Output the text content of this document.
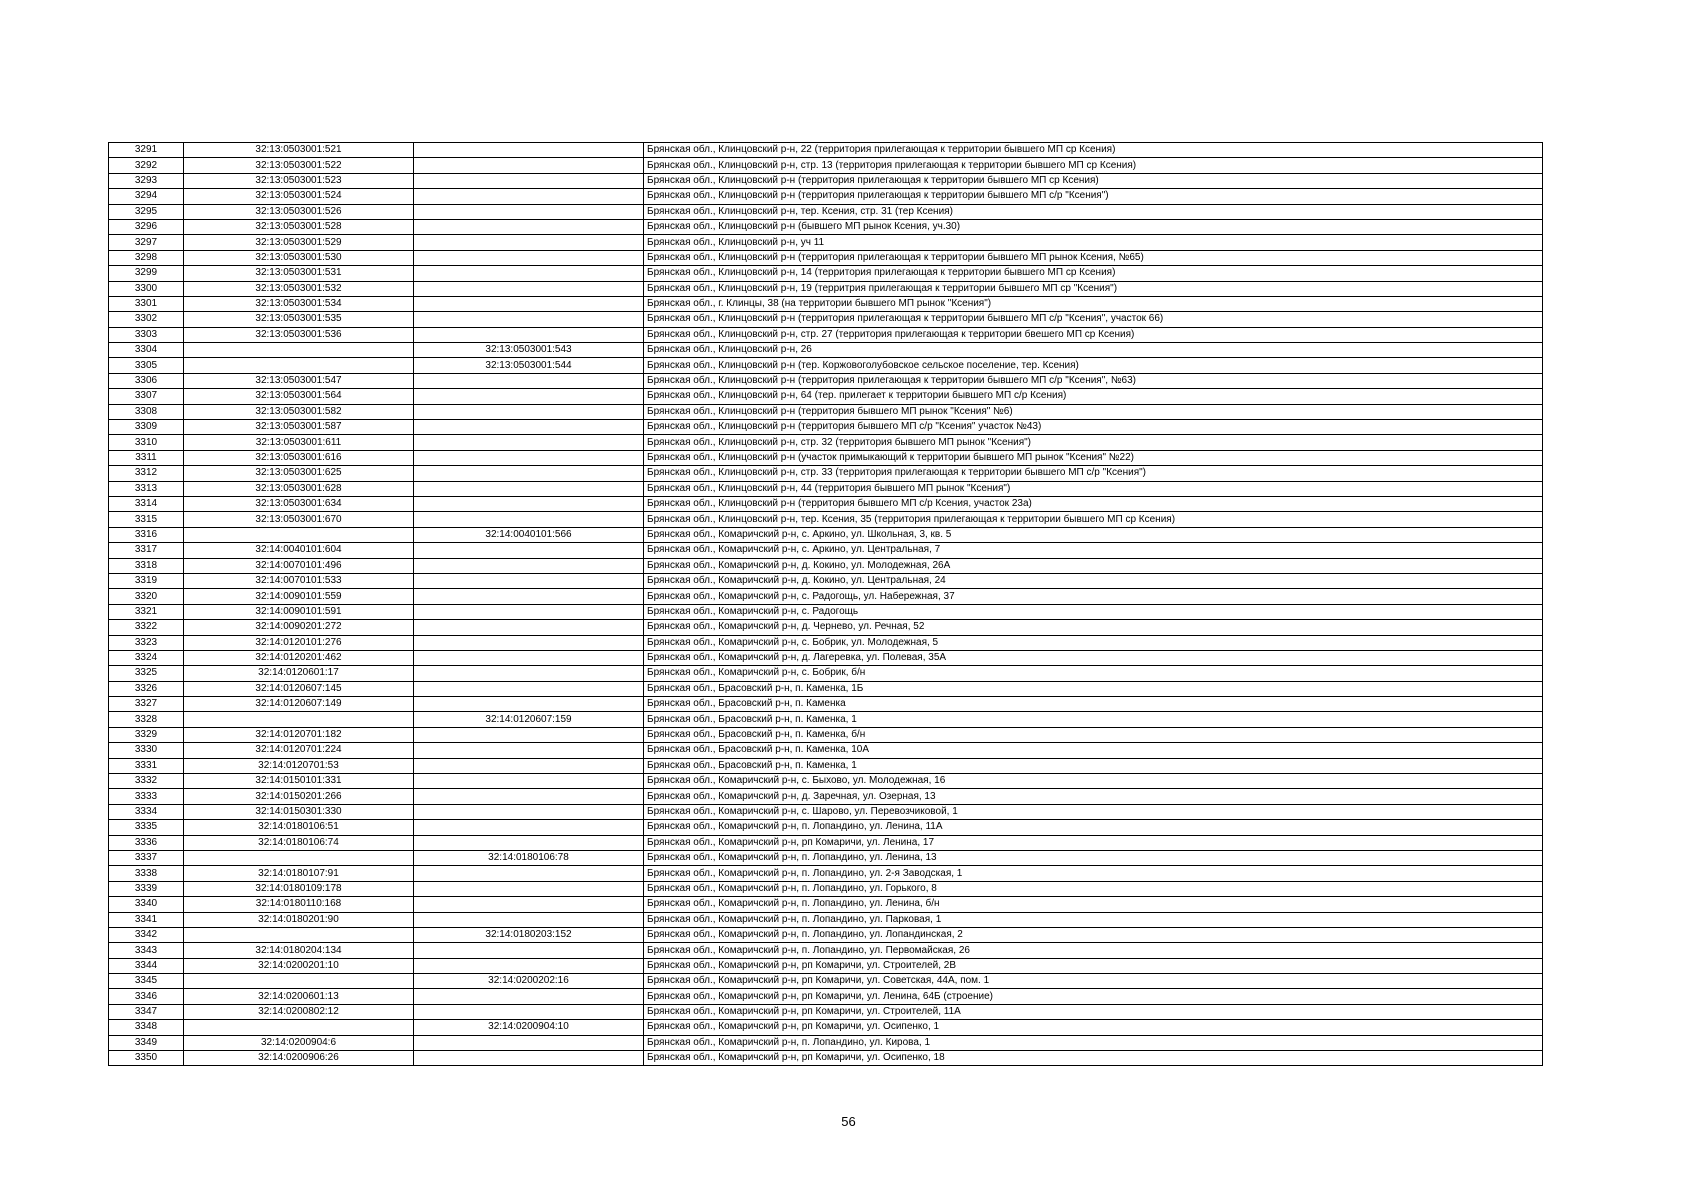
3291	32:13:0503001:521		Брянская обл., Клинцовский р-н, 22 (территория прилегающая к территории бывшего МП ср Ксения)
3292	32:13:0503001:522		Брянская обл., Клинцовский р-н, стр. 13 (территория прилегающая к территории бывшего МП ср Ксения)
3293	32:13:0503001:523		Брянская обл., Клинцовский р-н (территория прилегающая к территории бывшего МП ср Ксения)
3294	32:13:0503001:524		Брянская обл., Клинцовский р-н (территория прилегающая к территории бывшего МП с/р "Ксения")
3295	32:13:0503001:526		Брянская обл., Клинцовский р-н, тер. Ксения, стр. 31 (тер Ксения)
3296	32:13:0503001:528		Брянская обл., Клинцовский р-н (бывшего МП рынок Ксения, уч.30)
3297	32:13:0503001:529		Брянская обл., Клинцовский р-н, уч 11
3298	32:13:0503001:530		Брянская обл., Клинцовский р-н (территория прилегающая к территории бывшего МП рынок Ксения, №65)
3299	32:13:0503001:531		Брянская обл., Клинцовский р-н, 14 (территория прилегающая к территории бывшего МП ср Ксения)
3300	32:13:0503001:532		Брянская обл., Клинцовский р-н, 19 (территрия прилегающая к территории бывшего МП ср "Ксения")
3301	32:13:0503001:534		Брянская обл., г. Клинцы, 38 (на территории бывшего МП рынок "Ксения")
3302	32:13:0503001:535		Брянская обл., Клинцовский р-н (территория прилегающая к территории бывшего МП с/р "Ксения", участок 66)
3303	32:13:0503001:536		Брянская обл., Клинцовский р-н, стр. 27 (территория прилегающая к территории бвешего МП ср Ксения)
3304		32:13:0503001:543	Брянская обл., Клинцовский р-н, 26
3305		32:13:0503001:544	Брянская обл., Клинцовский р-н (тер. Коржовоголубовское сельское поселение, тер. Ксения)
3306	32:13:0503001:547		Брянская обл., Клинцовский р-н (территория прилегающая к территории бывшего МП с/р "Ксения", №63)
3307	32:13:0503001:564		Брянская обл., Клинцовский р-н, 64 (тер. прилегает к территории бывшего МП с/р Ксения)
3308	32:13:0503001:582		Брянская обл., Клинцовский р-н (территория бывшего МП рынок "Ксения" №6)
3309	32:13:0503001:587		Брянская обл., Клинцовский р-н (территория бывшего МП с/р "Ксения" участок №43)
3310	32:13:0503001:611		Брянская обл., Клинцовский р-н, стр. 32 (территория бывшего МП рынок "Ксения")
3311	32:13:0503001:616		Брянская обл., Клинцовский р-н (участок примыкающий к территории бывшего МП рынок "Ксения" №22)
3312	32:13:0503001:625		Брянская обл., Клинцовский р-н, стр. 33 (территория прилегающая к территории бывшего МП с/р "Ксения")
3313	32:13:0503001:628		Брянская обл., Клинцовский р-н, 44 (территория бывшего МП рынок "Ксения")
3314	32:13:0503001:634		Брянская обл., Клинцовский р-н (территория бывшего МП с/р Ксения, участок 23а)
3315	32:13:0503001:670		Брянская обл., Клинцовский р-н, тер. Ксения, 35 (территория прилегающая к территории бывшего МП ср Ксения)
3316		32:14:0040101:566	Брянская обл., Комаричский р-н, с. Аркино, ул. Школьная, 3, кв. 5
3317	32:14:0040101:604		Брянская обл., Комаричский р-н, с. Аркино, ул. Центральная, 7
3318	32:14:0070101:496		Брянская обл., Комаричский р-н, д. Кокино, ул. Молодежная, 26А
3319	32:14:0070101:533		Брянская обл., Комаричский р-н, д. Кокино, ул. Центральная, 24
3320	32:14:0090101:559		Брянская обл., Комаричский р-н, с. Радогощь, ул. Набережная, 37
3321	32:14:0090101:591		Брянская обл., Комаричский р-н, с. Радогощь
3322	32:14:0090201:272		Брянская обл., Комаричский р-н, д. Чернево, ул. Речная, 52
3323	32:14:0120101:276		Брянская обл., Комаричский р-н, с. Бобрик, ул. Молодежная, 5
3324	32:14:0120201:462		Брянская обл., Комаричский р-н, д. Лагеревка, ул. Полевая, 35А
3325	32:14:0120601:17		Брянская обл., Комаричский р-н, с. Бобрик, б/н
3326	32:14:0120607:145		Брянская обл., Брасовский р-н, п. Каменка, 1Б
3327	32:14:0120607:149		Брянская обл., Брасовский р-н, п. Каменка
3328		32:14:0120607:159	Брянская обл., Брасовский р-н, п. Каменка, 1
3329	32:14:0120701:182		Брянская обл., Брасовский р-н, п. Каменка, б/н
3330	32:14:0120701:224		Брянская обл., Брасовский р-н, п. Каменка, 10А
3331	32:14:0120701:53		Брянская обл., Брасовский р-н, п. Каменка, 1
3332	32:14:0150101:331		Брянская обл., Комаричский р-н, с. Быхово, ул. Молодежная, 16
3333	32:14:0150201:266		Брянская обл., Комаричский р-н, д. Заречная, ул. Озерная, 13
3334	32:14:0150301:330		Брянская обл., Комаричский р-н, с. Шарово, ул. Перевозчиковой, 1
3335	32:14:0180106:51		Брянская обл., Комаричский р-н, п. Лопандино, ул. Ленина, 11А
3336	32:14:0180106:74		Брянская обл., Комаричский р-н, рп Комаричи, ул. Ленина, 17
3337		32:14:0180106:78	Брянская обл., Комаричский р-н, п. Лопандино, ул. Ленина, 13
3338	32:14:0180107:91		Брянская обл., Комаричский р-н, п. Лопандино, ул. 2-я Заводская, 1
3339	32:14:0180109:178		Брянская обл., Комаричский р-н, п. Лопандино, ул. Горького, 8
3340	32:14:0180110:168		Брянская обл., Комаричский р-н, п. Лопандино, ул. Ленина, б/н
3341	32:14:0180201:90		Брянская обл., Комаричский р-н, п. Лопандино, ул. Парковая, 1
3342		32:14:0180203:152	Брянская обл., Комаричский р-н, п. Лопандино, ул. Лопандинская, 2
3343	32:14:0180204:134		Брянская обл., Комаричский р-н, п. Лопандино, ул. Первомайская, 26
3344	32:14:0200201:10		Брянская обл., Комаричский р-н, рп Комаричи, ул. Строителей, 2В
3345		32:14:0200202:16	Брянская обл., Комаричский р-н, рп Комаричи, ул. Советская, 44А, пом. 1
3346	32:14:0200601:13		Брянская обл., Комаричский р-н, рп Комаричи, ул. Ленина, 64Б (строение)
3347	32:14:0200802:12		Брянская обл., Комаричский р-н, рп Комаричи, ул. Строителей, 11А
3348		32:14:0200904:10	Брянская обл., Комаричский р-н, рп Комаричи, ул. Осипенко, 1
3349	32:14:0200904:6		Брянская обл., Комаричский р-н, п. Лопандино, ул. Кирова, 1
3350	32:14:0200906:26		Брянская обл., Комаричский р-н, рп Комаричи, ул. Осипенко, 18
56
